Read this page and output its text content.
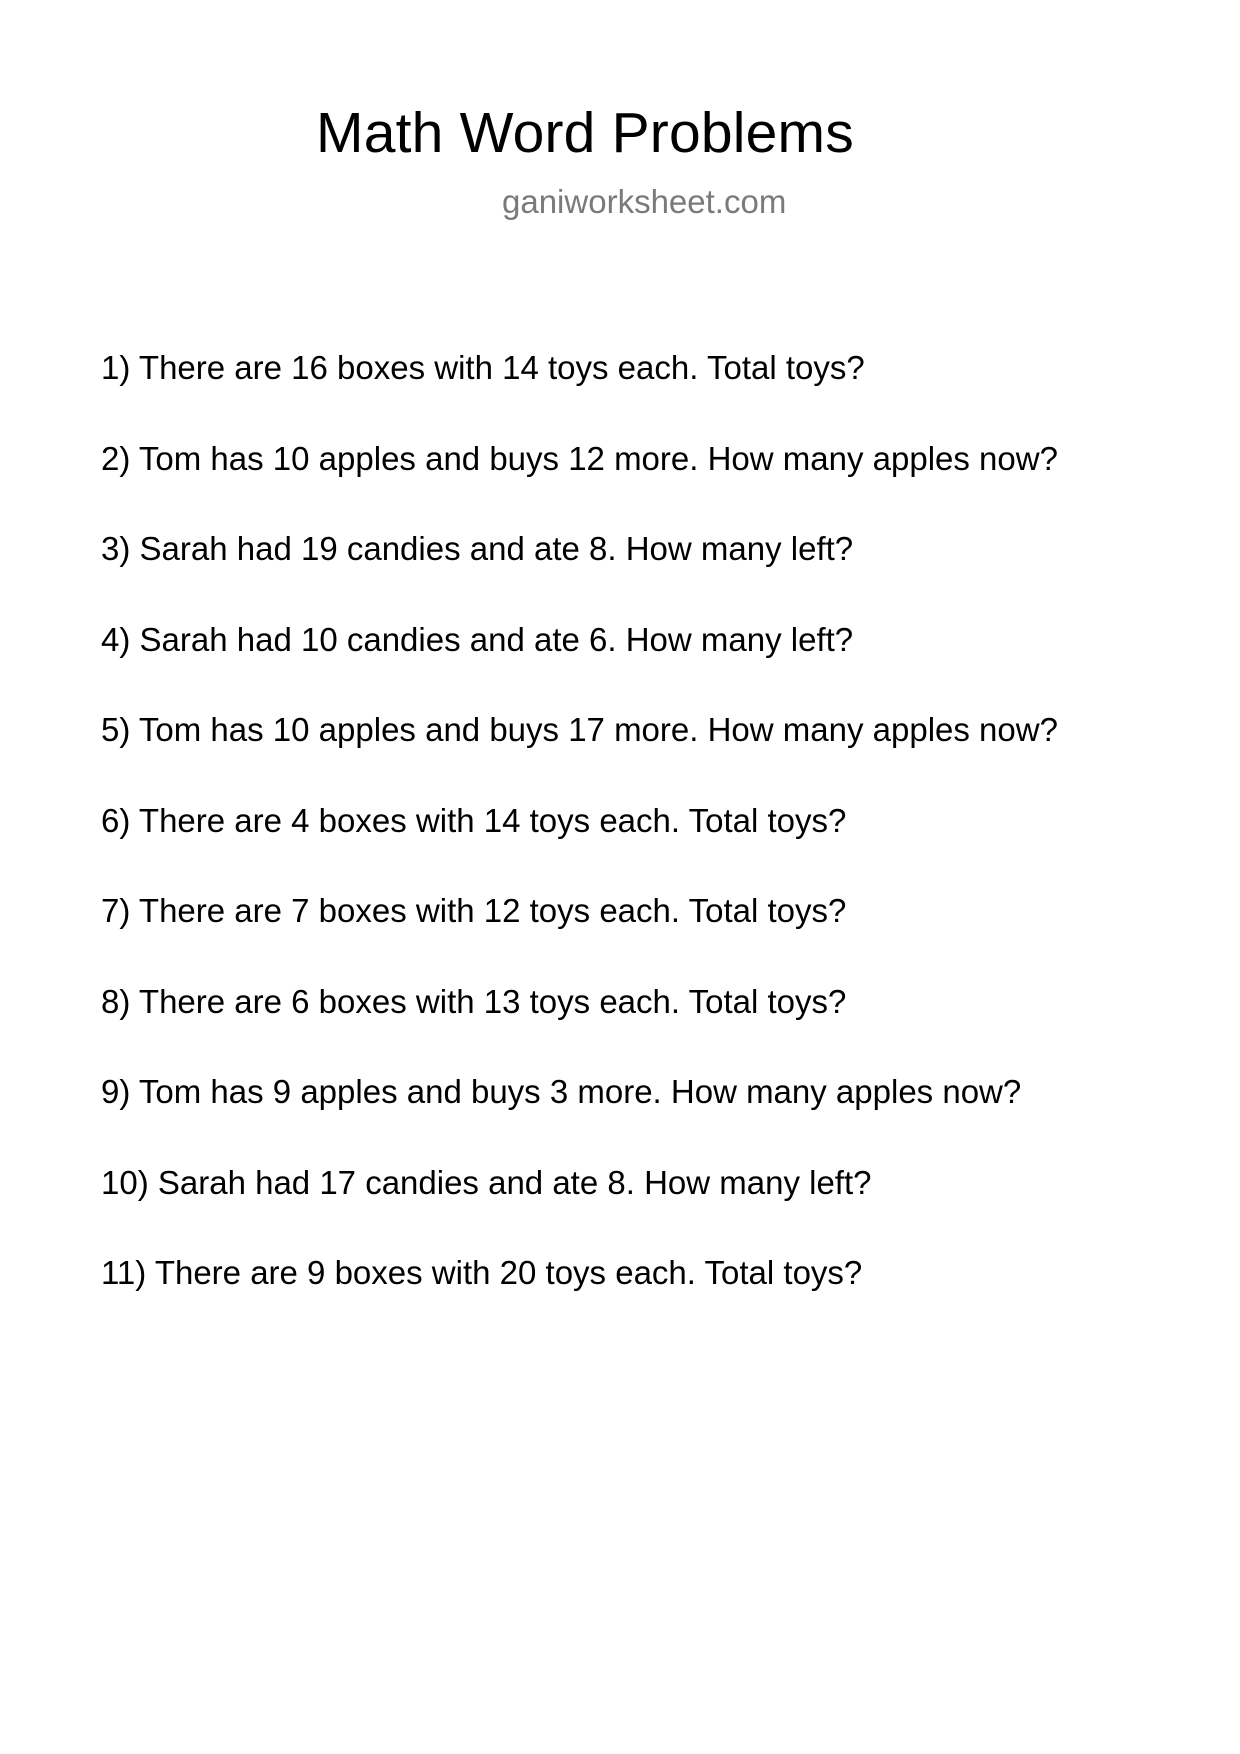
Math Word Problems
ganiworksheet.com
1) There are 16 boxes with 14 toys each. Total toys?
2) Tom has 10 apples and buys 12 more. How many apples now?
3) Sarah had 19 candies and ate 8. How many left?
4) Sarah had 10 candies and ate 6. How many left?
5) Tom has 10 apples and buys 17 more. How many apples now?
6) There are 4 boxes with 14 toys each. Total toys?
7) There are 7 boxes with 12 toys each. Total toys?
8) There are 6 boxes with 13 toys each. Total toys?
9) Tom has 9 apples and buys 3 more. How many apples now?
10) Sarah had 17 candies and ate 8. How many left?
11) There are 9 boxes with 20 toys each. Total toys?
